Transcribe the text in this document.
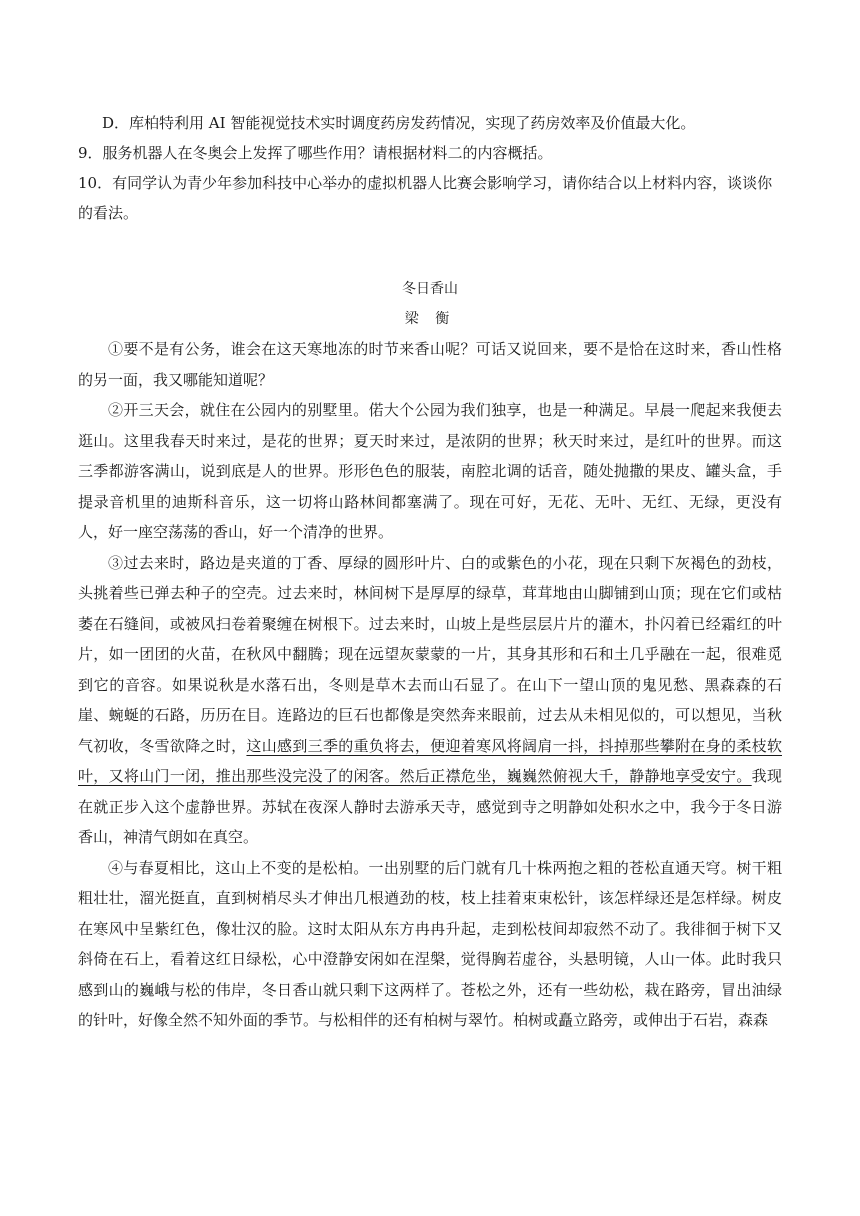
D．库柏特利用 AI 智能视觉技术实时调度药房发药情况，实现了药房效率及价值最大化。

9．服务机器人在冬奥会上发挥了哪些作用？请根据材料二的内容概括。

10．有同学认为青少年参加科技中心举办的虚拟机器人比赛会影响学习，请你结合以上材料内容，谈谈你的看法。

冬日香山

梁 衡

①要不是有公务，谁会在这天寒地冻的时节来香山呢？可话又说回来，要不是恰在这时来，香山性格的另一面，我又哪能知道呢？

②开三天会，就住在公园内的别墅里。偌大个公园为我们独享，也是一种满足。早晨一爬起来我便去逛山。这里我春天时来过，是花的世界；夏天时来过，是浓阴的世界；秋天时来过，是红叶的世界。而这三季都游客满山，说到底是人的世界。形形色色的服装，南腔北调的话音，随处抛撒的果皮、罐头盒，手提录音机里的迪斯科音乐，这一切将山路林间都塞满了。现在可好，无花、无叶、无红、无绿，更没有人，好一座空荡荡的香山，好一个清净的世界。

③过去来时，路边是夹道的丁香、厚绿的圆形叶片、白的或紫色的小花，现在只剩下灰褐色的劲枝，头挑着些已弹去种子的空壳。过去来时，林间树下是厚厚的绿草，茸茸地由山脚铺到山顶；现在它们或枯萎在石缝间，或被风扫卷着聚缠在树根下。过去来时，山坡上是些层层片片的灌木，扑闪着已经霜红的叶片，如一团团的火苗，在秋风中翻腾；现在远望灰蒙蒙的一片，其身其形和石和土几乎融在一起，很难觅到它的音容。如果说秋是水落石出，冬则是草木去而山石显了。在山下一望山顶的鬼见愁、黑森森的石崖、蜿蜒的石路，历历在目。连路边的巨石也都像是突然奔来眼前，过去从未相见似的，可以想见，当秋气初收，冬雪欲降之时，这山感到三季的重负将去，便迎着寒风将阔肩一抖，抖掉那些攀附在身的柔枝软叶，又将山门一闭，推出那些没完没了的闲客。然后正襟危坐，巍巍然俯视大千，静静地享受安宁。我现在就正步入这个虚静世界。苏轼在夜深人静时去游承天寺，感觉到寺之明静如处积水之中，我今于冬日游香山，神清气朗如在真空。

④与春夏相比，这山上不变的是松柏。一出别墅的后门就有几十株两抱之粗的苍松直通天穹。树干粗粗壮壮，溜光挺直，直到树梢尽头才伸出几根遒劲的枝，枝上挂着束束松针，该怎样绿还是怎样绿。树皮在寒风中呈紫红色，像壮汉的脸。这时太阳从东方冉冉升起，走到松枝间却寂然不动了。我徘徊于树下又斜倚在石上，看着这红日绿松，心中澄静安闲如在涅槃，觉得胸若虚谷，头悬明镜，人山一体。此时我只感到山的巍峨与松的伟岸，冬日香山就只剩下这两样了。苍松之外，还有一些幼松，栽在路旁，冒出油绿的针叶，好像全然不知外面的季节。与松相伴的还有柏树与翠竹。柏树或矗立路旁，或伸出于石岩，森森
